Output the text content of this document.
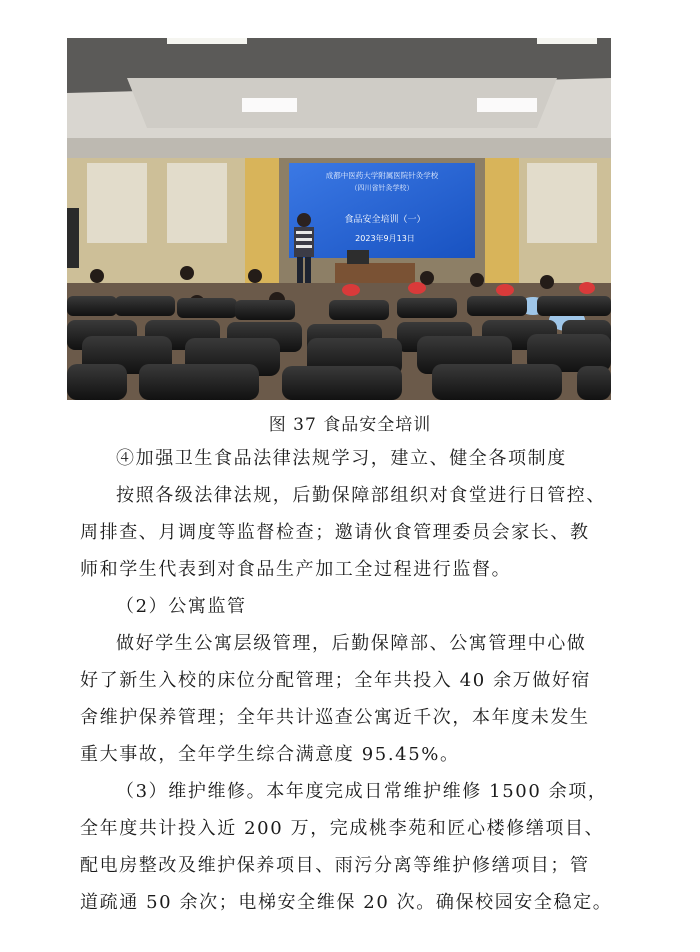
成都中医药大学附属医院针灸学校
（四川省针灸学校）
食品安全培训（一）
2023年9月13日
图 37 食品安全培训
④加强卫生食品法律法规学习，建立、健全各项制度
按照各级法律法规，后勤保障部组织对食堂进行日管控、
周排查、月调度等监督检查；邀请伙食管理委员会家长、教
师和学生代表到对食品生产加工全过程进行监督。
（2）公寓监管
做好学生公寓层级管理，后勤保障部、公寓管理中心做
好了新生入校的床位分配管理；全年共投入 40 余万做好宿
舍维护保养管理；全年共计巡查公寓近千次，本年度未发生
重大事故，全年学生综合满意度 95.45%。
（3）维护维修。本年度完成日常维护维修 1500 余项，
全年度共计投入近 200 万，完成桃李苑和匠心楼修缮项目、
配电房整改及维护保养项目、雨污分离等维护修缮项目；管
道疏通 50 余次；电梯安全维保 20 次。确保校园安全稳定。
